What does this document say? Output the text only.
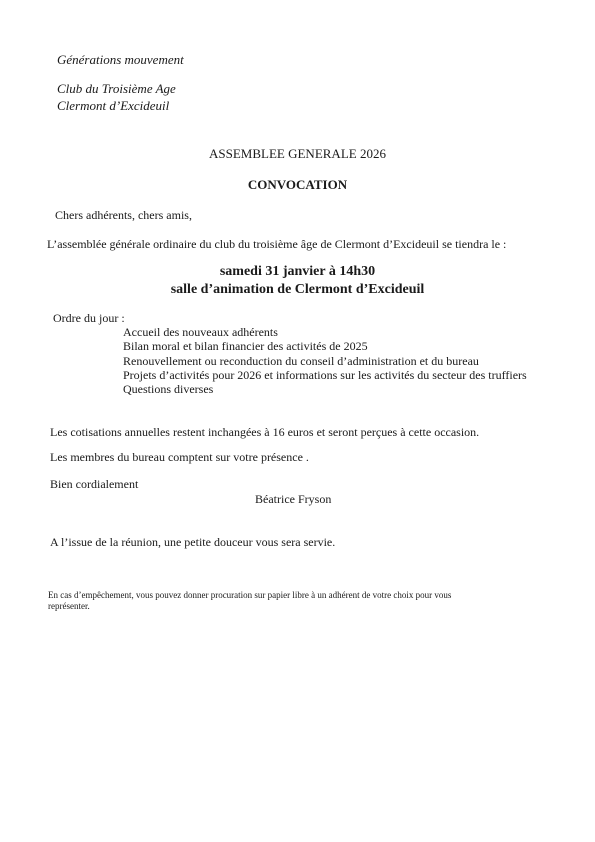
Générations mouvement
Club du Troisième Age
Clermont d’Excideuil
ASSEMBLEE GENERALE 2026
CONVOCATION
Chers adhérents, chers amis,
L’assemblée générale ordinaire du club du troisième âge de Clermont d’Excideuil se tiendra le :
samedi 31 janvier à 14h30
salle d’animation de Clermont d’Excideuil
Ordre du jour :
Accueil des nouveaux adhérents
Bilan moral et bilan financier des activités de 2025
Renouvellement ou reconduction du conseil d’administration et du bureau
Projets d’activités pour 2026 et informations sur les activités du secteur des truffiers
Questions diverses
Les cotisations annuelles restent inchangées à 16 euros et seront perçues à cette occasion.
Les membres du bureau comptent sur votre présence .
Bien cordialement
Béatrice Fryson
A l’issue de la réunion, une petite douceur vous sera servie.
En cas d’empêchement, vous pouvez donner procuration sur papier libre à un adhérent de votre choix pour vous
représenter.
